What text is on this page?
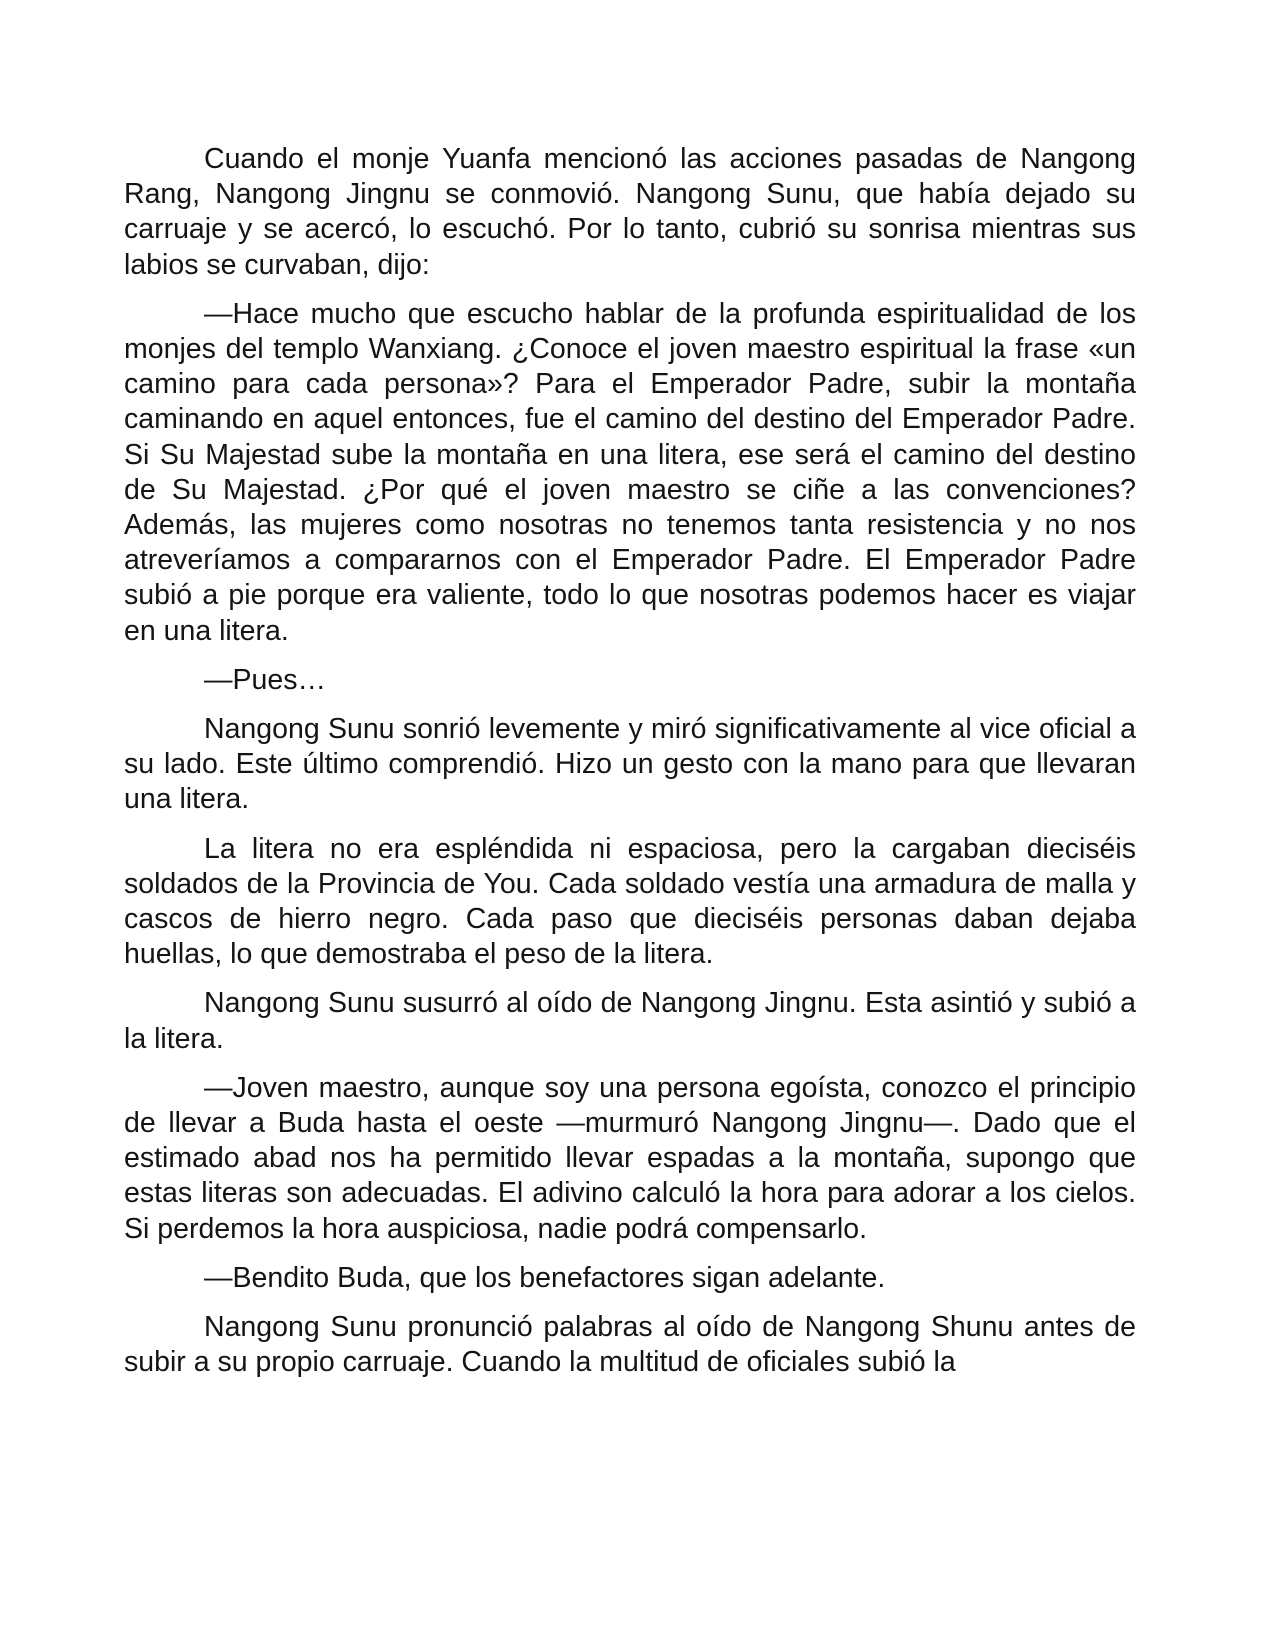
Cuando el monje Yuanfa mencionó las acciones pasadas de Nangong Rang, Nangong Jingnu se conmovió. Nangong Sunu, que había dejado su carruaje y se acercó, lo escuchó. Por lo tanto, cubrió su sonrisa mientras sus labios se curvaban, dijo:

—Hace mucho que escucho hablar de la profunda espiritualidad de los monjes del templo Wanxiang. ¿Conoce el joven maestro espiritual la frase «un camino para cada persona»? Para el Emperador Padre, subir la montaña caminando en aquel entonces, fue el camino del destino del Emperador Padre. Si Su Majestad sube la montaña en una litera, ese será el camino del destino de Su Majestad. ¿Por qué el joven maestro se ciñe a las convenciones? Además, las mujeres como nosotras no tenemos tanta resistencia y no nos atreveríamos a compararnos con el Emperador Padre. El Emperador Padre subió a pie porque era valiente, todo lo que nosotras podemos hacer es viajar en una litera.

—Pues…

Nangong Sunu sonrió levemente y miró significativamente al vice oficial a su lado. Este último comprendió. Hizo un gesto con la mano para que llevaran una litera.

La litera no era espléndida ni espaciosa, pero la cargaban dieciséis soldados de la Provincia de You. Cada soldado vestía una armadura de malla y cascos de hierro negro. Cada paso que dieciséis personas daban dejaba huellas, lo que demostraba el peso de la litera.

Nangong Sunu susurró al oído de Nangong Jingnu. Esta asintió y subió a la litera.

—Joven maestro, aunque soy una persona egoísta, conozco el principio de llevar a Buda hasta el oeste —murmuró Nangong Jingnu—. Dado que el estimado abad nos ha permitido llevar espadas a la montaña, supongo que estas literas son adecuadas. El adivino calculó la hora para adorar a los cielos. Si perdemos la hora auspiciosa, nadie podrá compensarlo.

—Bendito Buda, que los benefactores sigan adelante.

Nangong Sunu pronunció palabras al oído de Nangong Shunu antes de subir a su propio carruaje. Cuando la multitud de oficiales subió la
